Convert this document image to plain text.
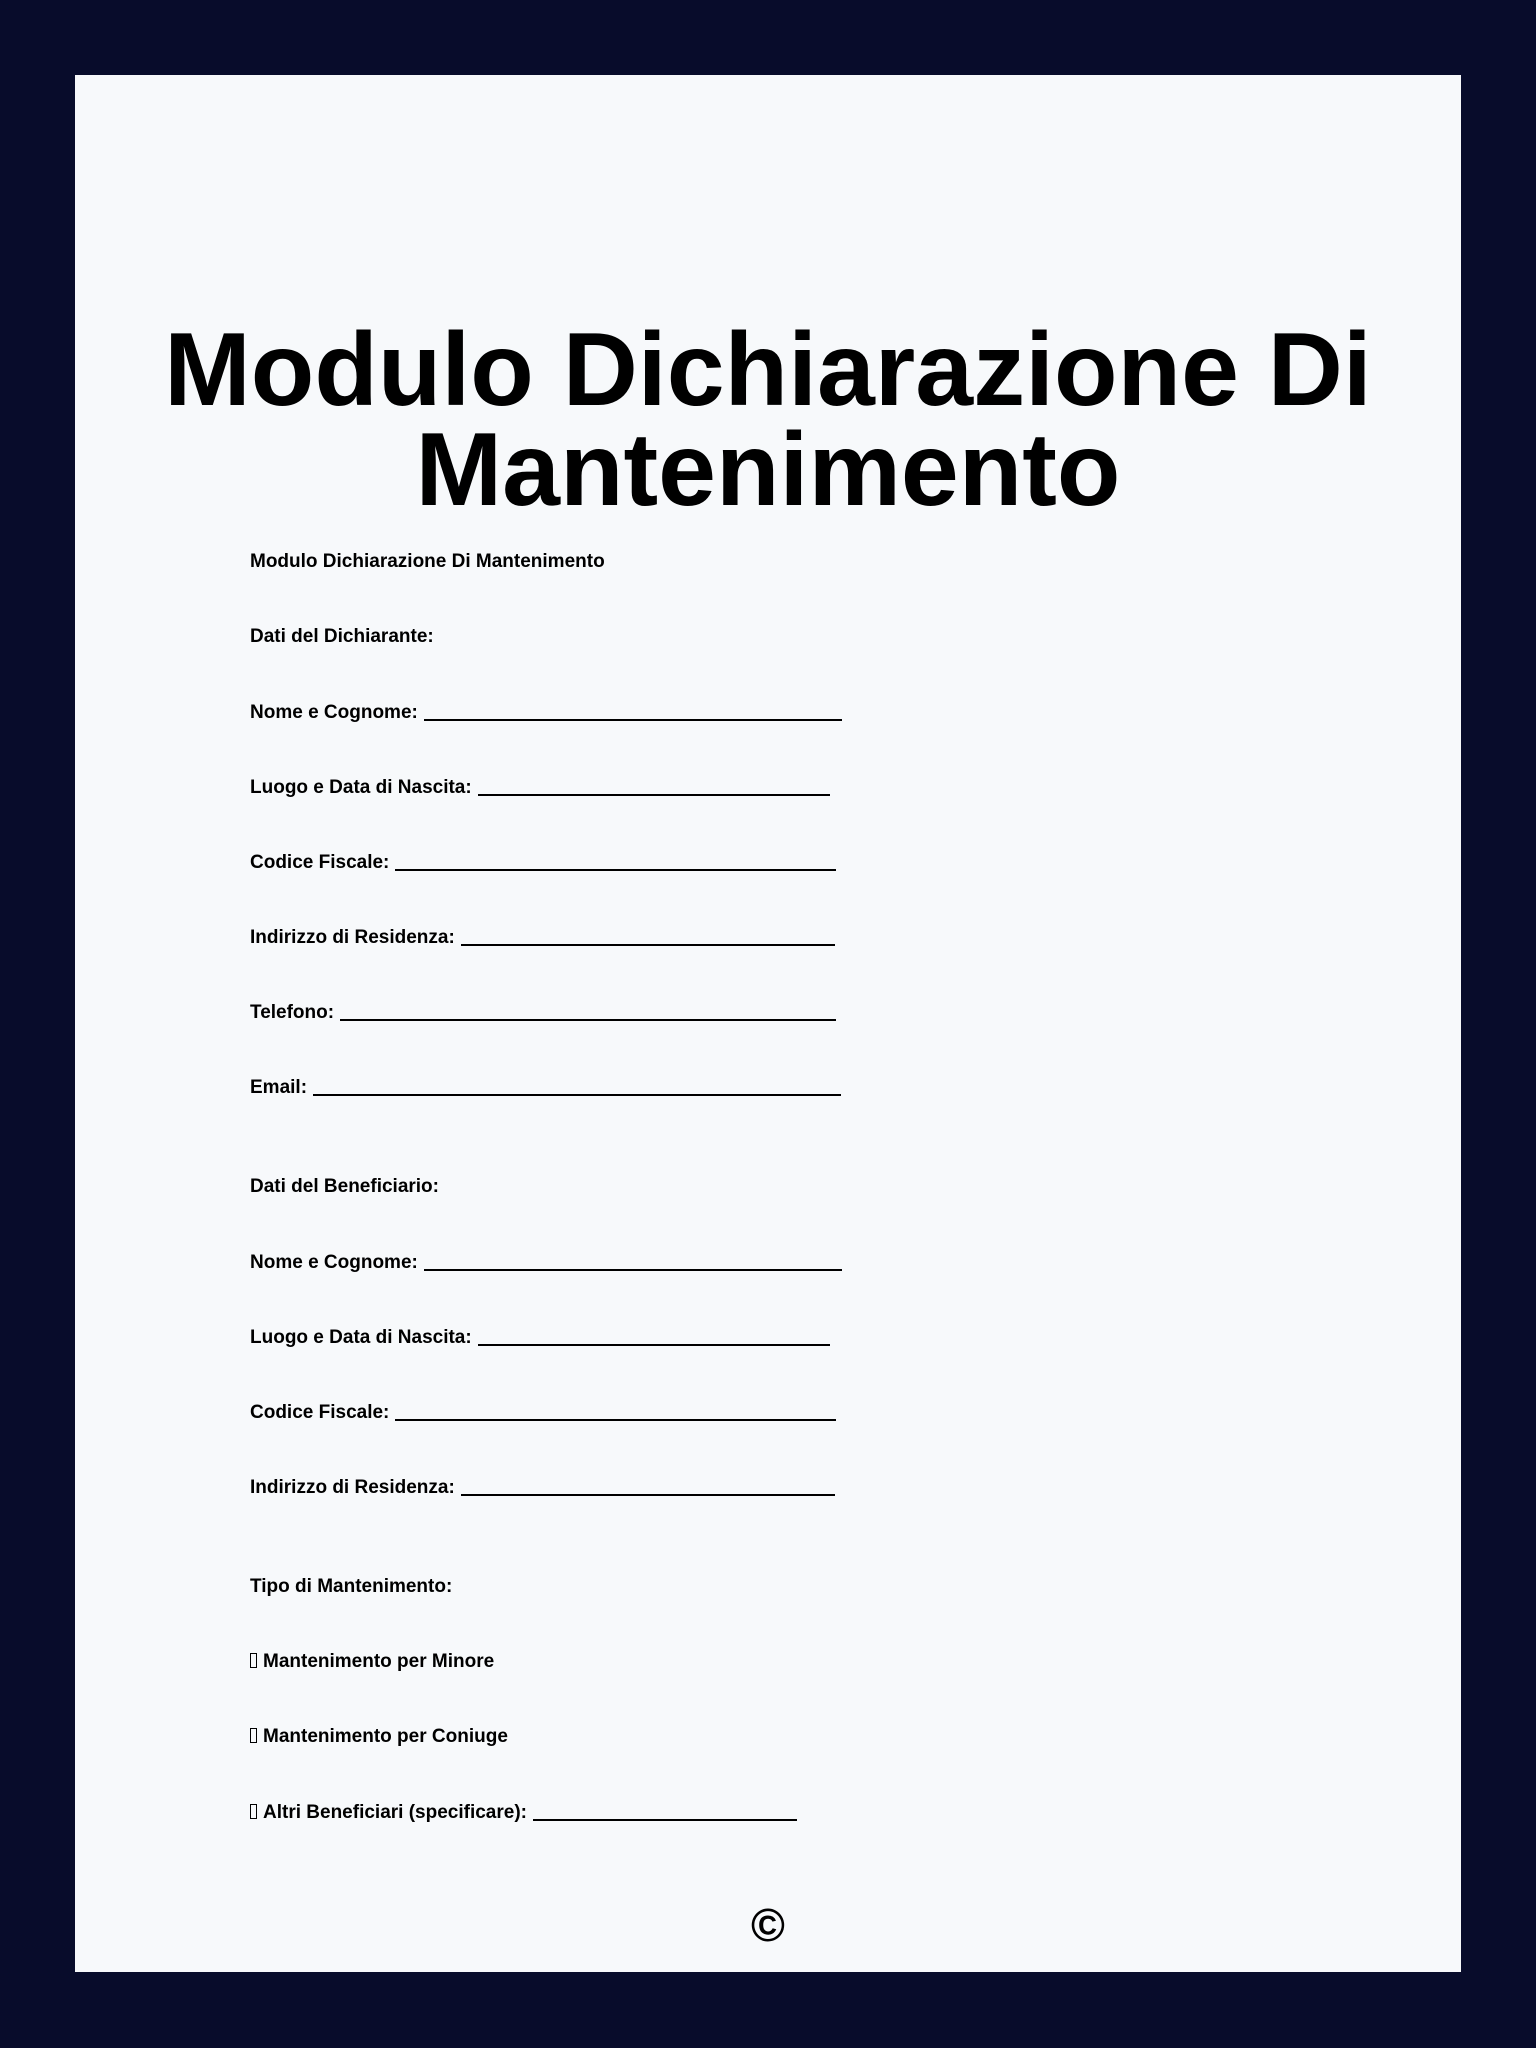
Modulo Dichiarazione Di Mantenimento
Modulo Dichiarazione Di Mantenimento
Dati del Dichiarante:
Nome e Cognome:
Luogo e Data di Nascita:
Codice Fiscale:
Indirizzo di Residenza:
Telefono:
Email:
Dati del Beneficiario:
Nome e Cognome:
Luogo e Data di Nascita:
Codice Fiscale:
Indirizzo di Residenza:
Tipo di Mantenimento:
Mantenimento per Minore
Mantenimento per Coniuge
Altri Beneficiari (specificare):
©
